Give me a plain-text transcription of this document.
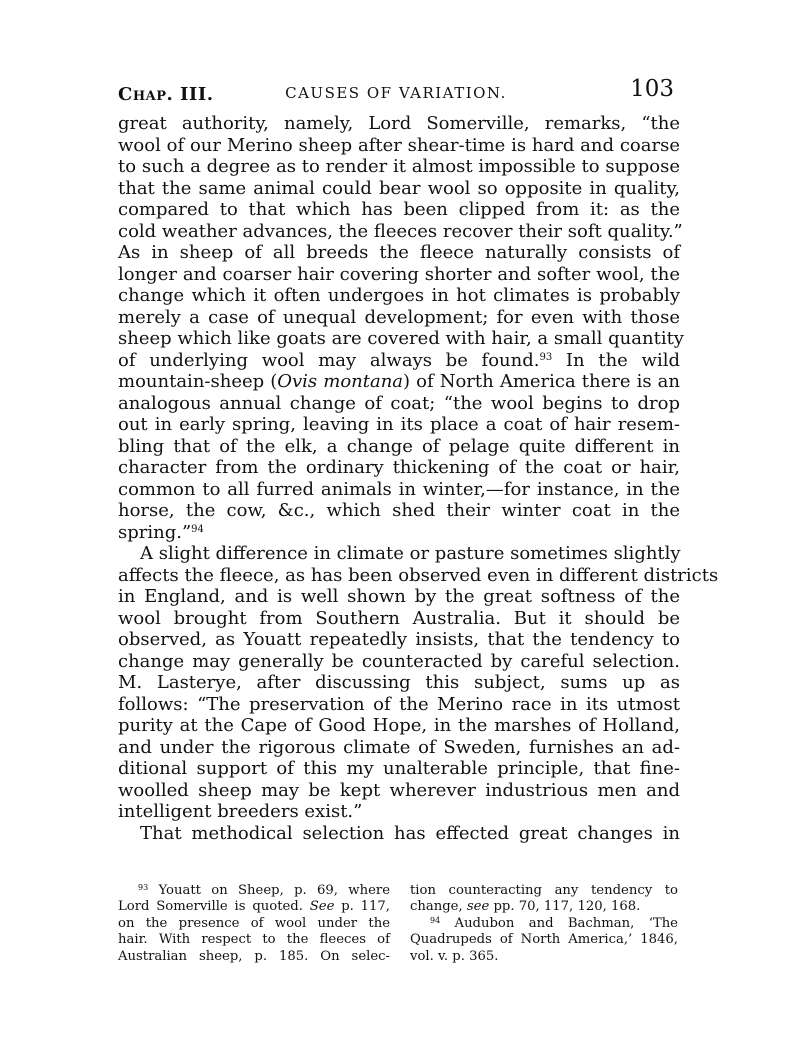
Chap. III.	CAUSES OF VARIATION.	103
great authority, namely, Lord Somerville, remarks, “the
wool of our Merino sheep after shear-time is hard and coarse
to such a degree as to render it almost impossible to suppose
that the same animal could bear wool so opposite in quality,
compared to that which has been clipped from it: as the
cold weather advances, the fleeces recover their soft quality.”
As in sheep of all breeds the fleece naturally consists of
longer and coarser hair covering shorter and softer wool, the
change which it often undergoes in hot climates is probably
merely a case of unequal development; for even with those
sheep which like goats are covered with hair, a small quantity
of underlying wool may always be found.$^{93}$ In the wild
mountain-sheep (Ovis montana) of North America there is an
analogous annual change of coat; “the wool begins to drop
out in early spring, leaving in its place a coat of hair resem-
bling that of the elk, a change of pelage quite different in
character from the ordinary thickening of the coat or hair,
common to all furred animals in winter,—for instance, in the
horse, the cow, &c., which shed their winter coat in the
spring.”$^{94}$
A slight difference in climate or pasture sometimes slightly
affects the fleece, as has been observed even in different districts
in England, and is well shown by the great softness of the
wool brought from Southern Australia. But it should be
observed, as Youatt repeatedly insists, that the tendency to
change may generally be counteracted by careful selection.
M. Lasterye, after discussing this subject, sums up as
follows: “The preservation of the Merino race in its utmost
purity at the Cape of Good Hope, in the marshes of Holland,
and under the rigorous climate of Sweden, furnishes an ad-
ditional support of this my unalterable principle, that fine-
woolled sheep may be kept wherever industrious men and
intelligent breeders exist.”
That methodical selection has effected great changes in
$^{93}$ Youatt on Sheep, p. 69, where
Lord Somerville is quoted. See p. 117,
on the presence of wool under the
hair. With respect to the fleeces of
Australian sheep, p. 185. On selec-
tion counteracting any tendency to
change, see pp. 70, 117, 120, 168.
$^{94}$ Audubon and Bachman, ‘The
Quadrupeds of North America,’ 1846,
vol. v. p. 365.
